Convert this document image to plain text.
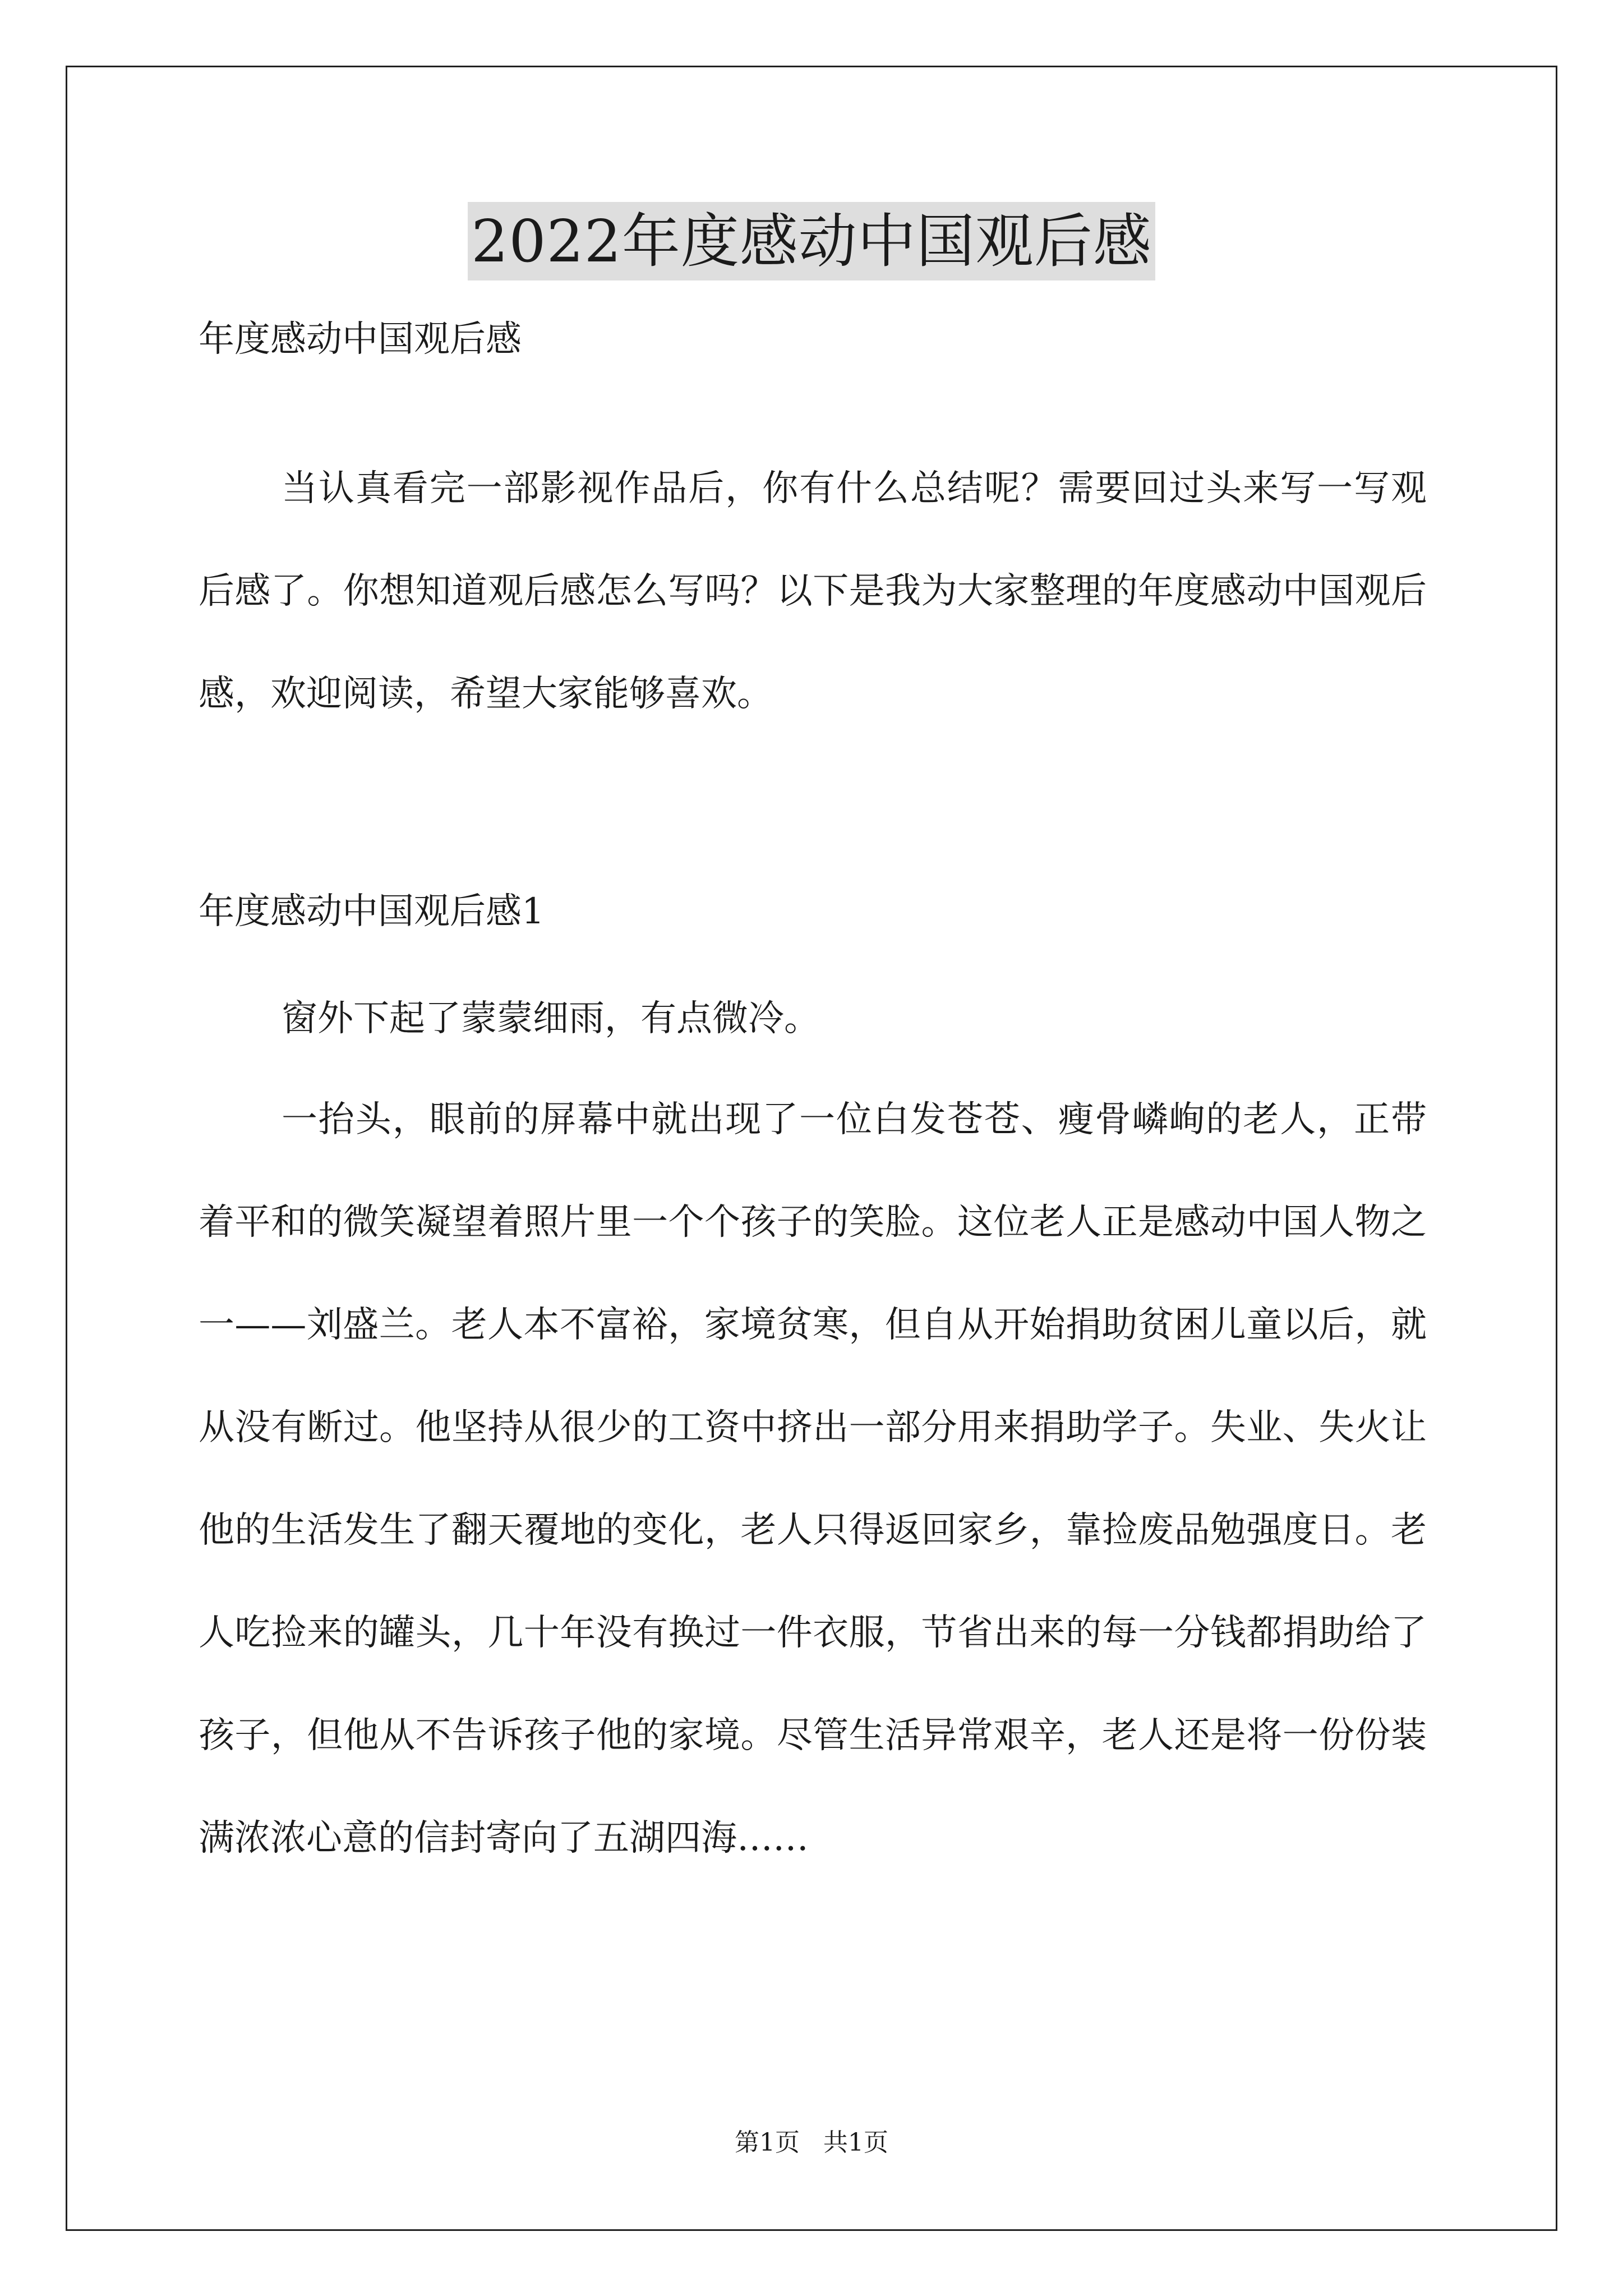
2022年度感动中国观后感
年度感动中国观后感

当认真看完一部影视作品后，你有什么总结呢？需要回过头来写一写观后感了。你想知道观后感怎么写吗？以下是我为大家整理的年度感动中国观后感，欢迎阅读，希望大家能够喜欢。

年度感动中国观后感1

窗外下起了蒙蒙细雨，有点微冷。

一抬头，眼前的屏幕中就出现了一位白发苍苍、瘦骨嶙峋的老人，正带着平和的微笑凝望着照片里一个个孩子的笑脸。这位老人正是感动中国人物之一——刘盛兰。老人本不富裕，家境贫寒，但自从开始捐助贫困儿童以后，就从没有断过。他坚持从很少的工资中挤出一部分用来捐助学子。失业、失火让他的生活发生了翻天覆地的变化，老人只得返回家乡，靠捡废品勉强度日。老人吃捡来的罐头，几十年没有换过一件衣服，节省出来的每一分钱都捐助给了孩子，但他从不告诉孩子他的家境。尽管生活异常艰辛，老人还是将一份份装满浓浓心意的信封寄向了五湖四海……

第1页 共1页
